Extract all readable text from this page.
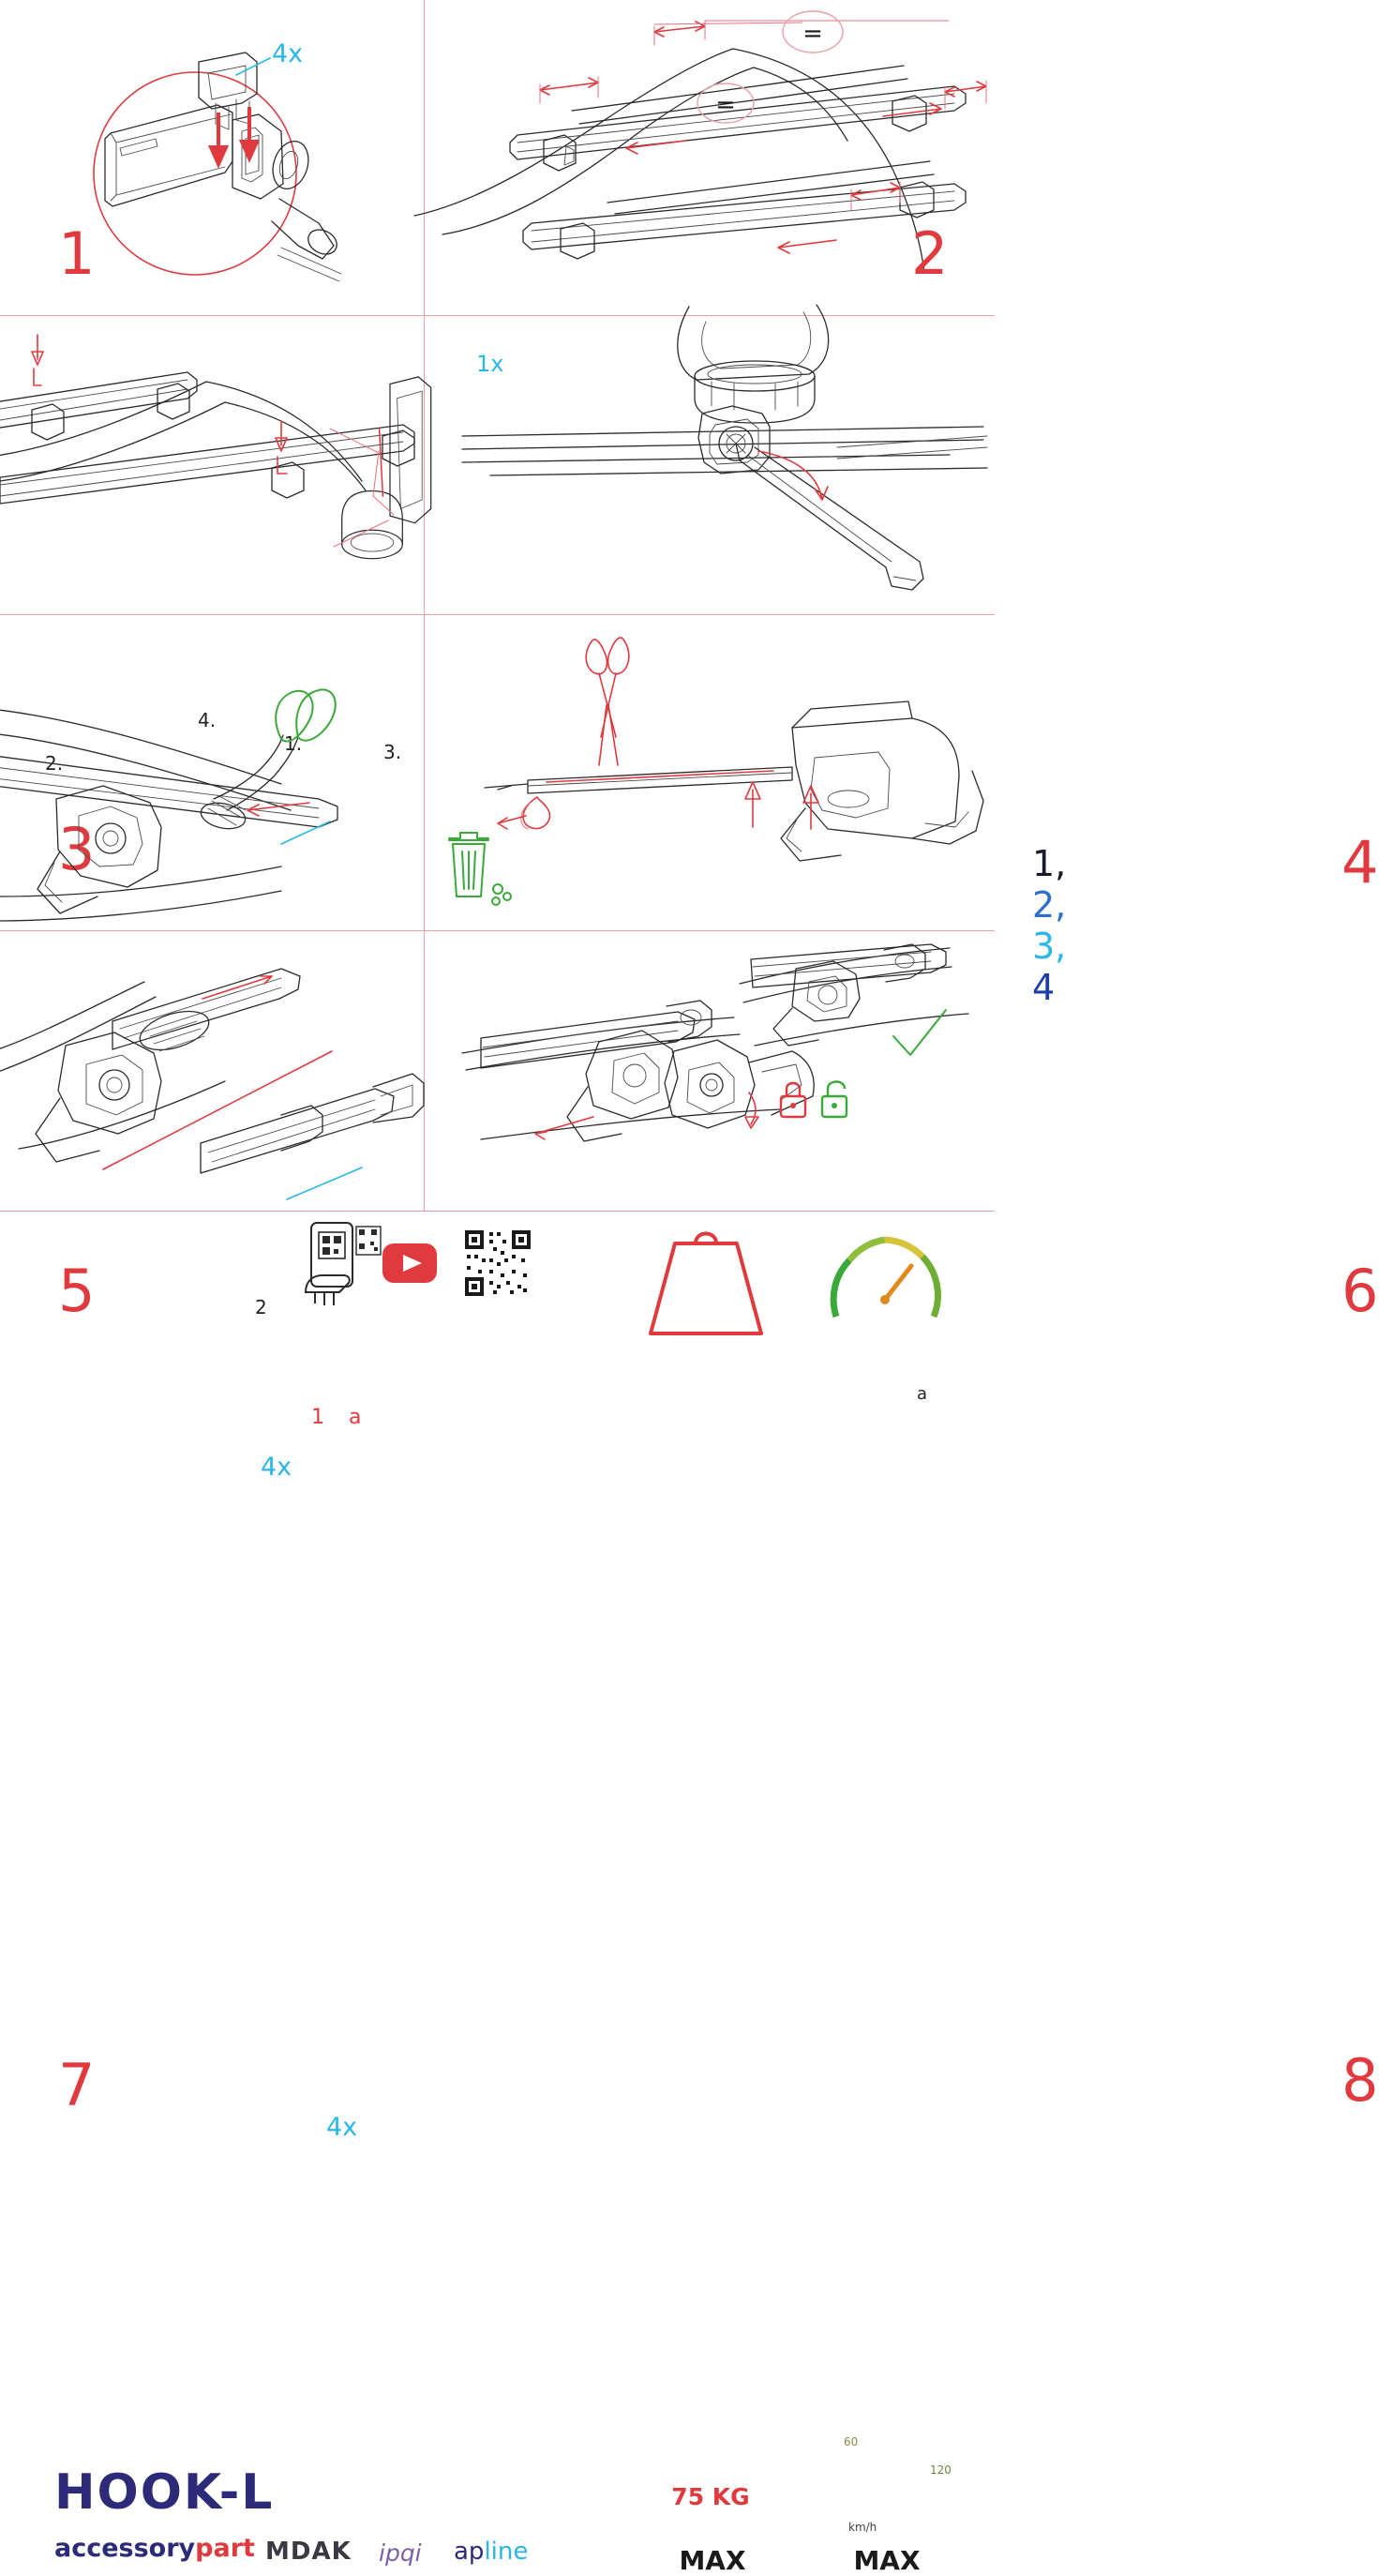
4x
1
=
=
2
2.
4.
3.
1.
3
1x
1, 2, 3, 4
4
5	2
1 a
4x
6
a
7
4x
8
HOOK-L
accessorypart MDAK ipqi apline
75 KG
MAX	MAX
km/h
60
120
